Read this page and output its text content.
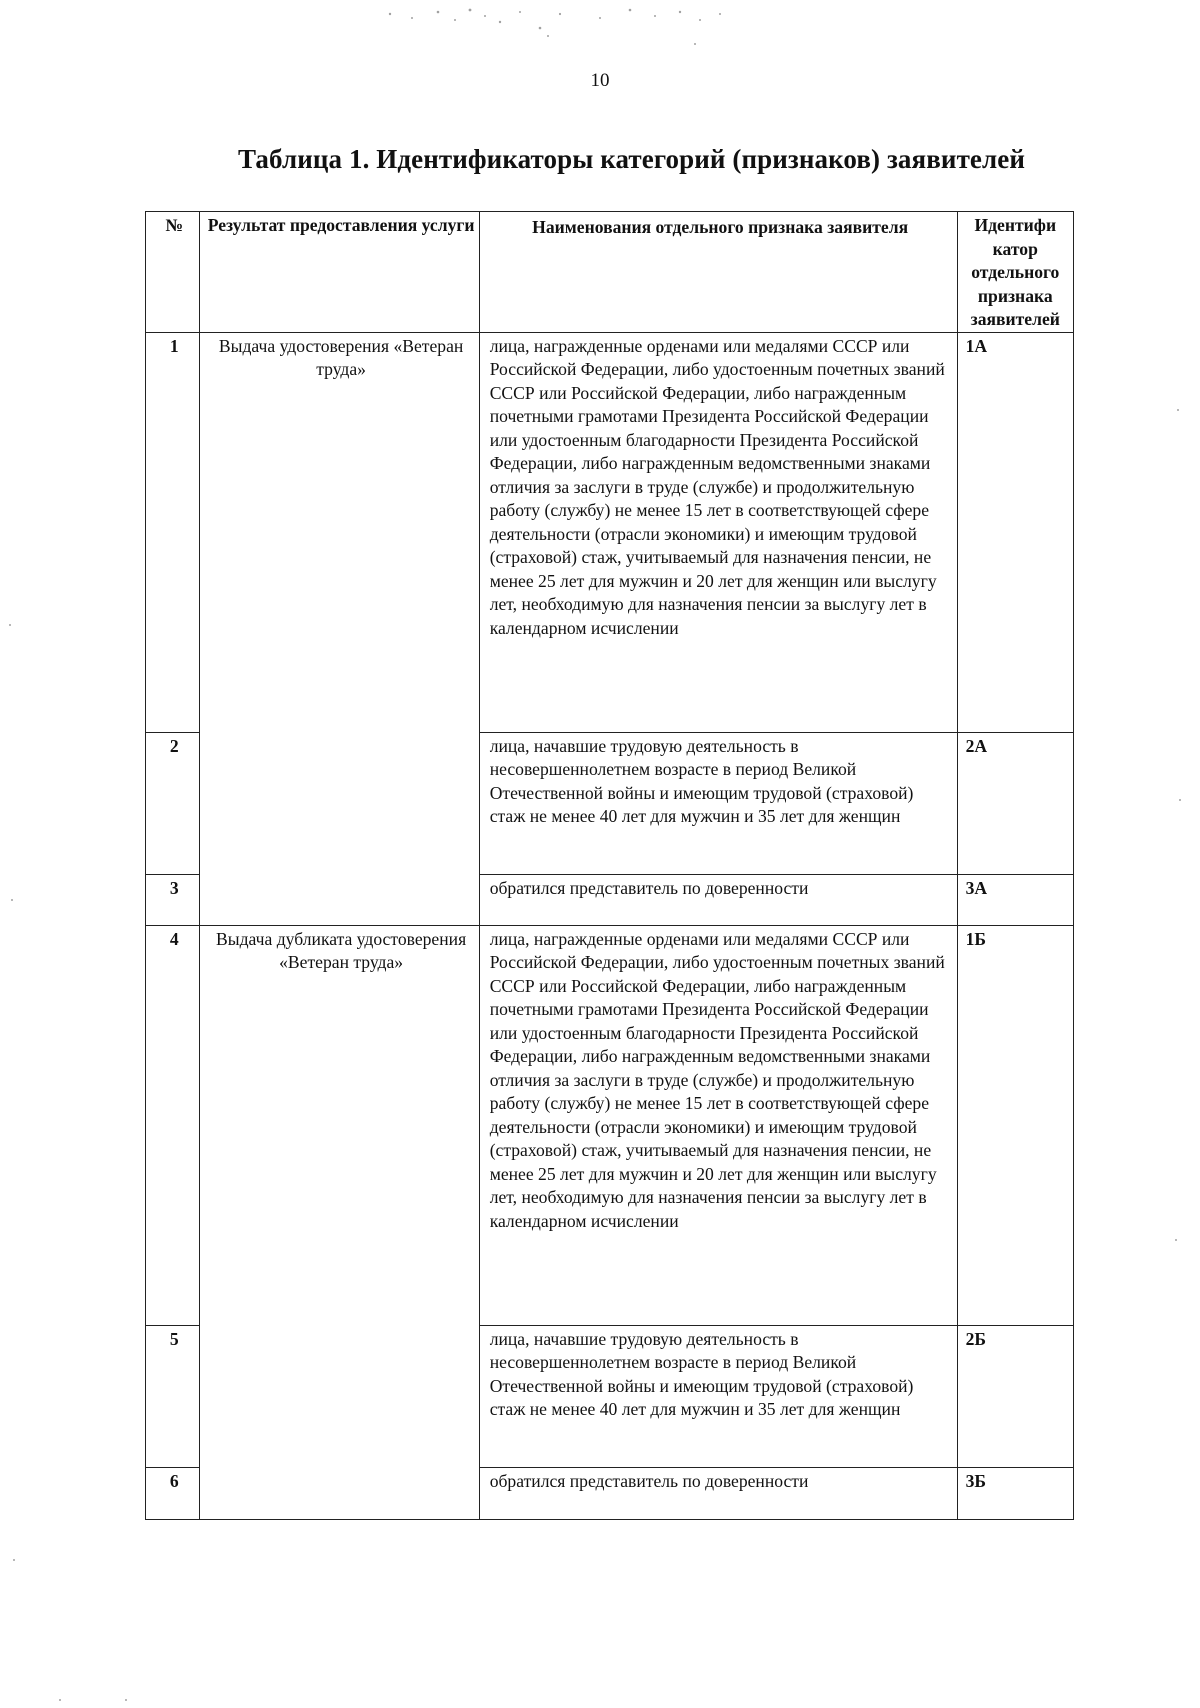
10
Таблица 1. Идентификаторы категорий (признаков) заявителей
№	Результат предоставления услуги	Наименования отдельного признака заявителя	Идентифи катор отдельного признака заявителей
1	Выдача удостоверения «Ветеран труда»	лица, награжденные орденами или медалями СССР или Российской Федерации, либо удостоенным почетных званий СССР или Российской Федерации, либо награжденным почетными грамотами Президента Российской Федерации или удостоенным благодарности Президента Российской Федерации, либо награжденным ведомственными знаками отличия за заслуги в труде (службе) и продолжительную работу (службу) не менее 15 лет в соответствующей сфере деятельности (отрасли экономики) и имеющим трудовой (страховой) стаж, учитываемый для назначения пенсии, не менее 25 лет для мужчин и 20 лет для женщин или выслугу лет, необходимую для назначения пенсии за выслугу лет в календарном исчислении	1А
2		лица, начавшие трудовую деятельность в несовершеннолетнем возрасте в период Великой Отечественной войны и имеющим трудовой (страховой) стаж не менее 40 лет для мужчин и 35 лет для женщин	2А
3		обратился представитель по доверенности	3А
4	Выдача дубликата удостоверения «Ветеран труда»	лица, награжденные орденами или медалями СССР или Российской Федерации, либо удостоенным почетных званий СССР или Российской Федерации, либо награжденным почетными грамотами Президента Российской Федерации или удостоенным благодарности Президента Российской Федерации, либо награжденным ведомственными знаками отличия за заслуги в труде (службе) и продолжительную работу (службу) не менее 15 лет в соответствующей сфере деятельности (отрасли экономики) и имеющим трудовой (страховой) стаж, учитываемый для назначения пенсии, не менее 25 лет для мужчин и 20 лет для женщин или выслугу лет, необходимую для назначения пенсии за выслугу лет в календарном исчислении	1Б
5		лица, начавшие трудовую деятельность в несовершеннолетнем возрасте в период Великой Отечественной войны и имеющим трудовой (страховой) стаж не менее 40 лет для мужчин и 35 лет для женщин	2Б
6		обратился представитель по доверенности	3Б
